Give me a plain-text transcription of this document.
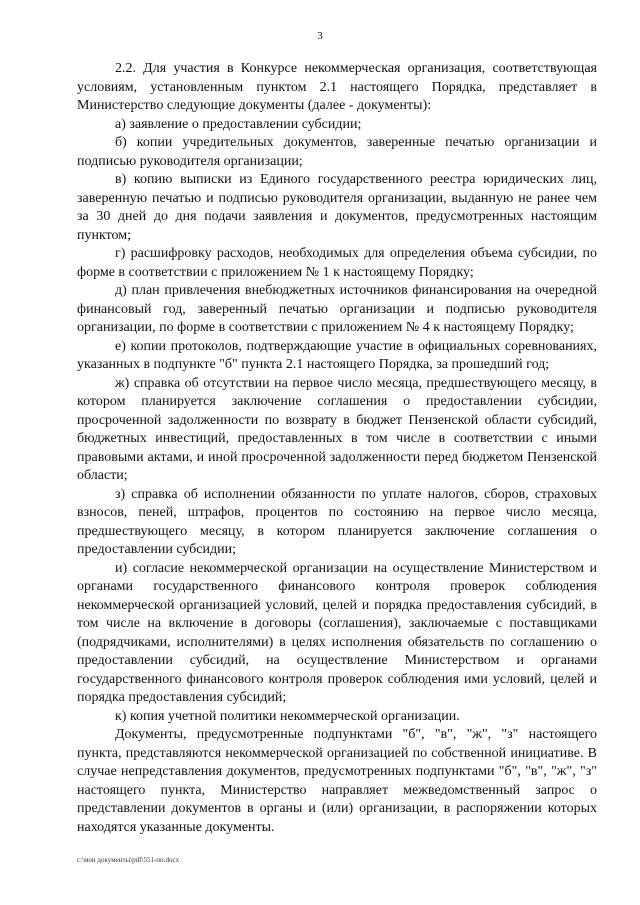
3

2.2. Для участия в Конкурсе некоммерческая организация, соответствующая условиям, установленным пунктом 2.1 настоящего Порядка, представляет в Министерство следующие документы (далее - документы):

а) заявление о предоставлении субсидии;

б) копии учредительных документов, заверенные печатью организации и подписью руководителя организации;

в) копию выписки из Единого государственного реестра юридических лиц, заверенную печатью и подписью руководителя организации, выданную не ранее чем за 30 дней до дня подачи заявления и документов, предусмотренных настоящим пунктом;

г) расшифровку расходов, необходимых для определения объема субсидии, по форме в соответствии с приложением № 1 к настоящему Порядку;

д) план привлечения внебюджетных источников финансирования на очередной финансовый год, заверенный печатью организации и подписью руководителя организации, по форме в соответствии с приложением № 4 к настоящему Порядку;

е) копии протоколов, подтверждающие участие в официальных соревнованиях, указанных в подпункте "б" пункта 2.1 настоящего Порядка, за прошедший год;

ж) справка об отсутствии на первое число месяца, предшествующего месяцу, в котором планируется заключение соглашения о предоставлении субсидии, просроченной задолженности по возврату в бюджет Пензенской области субсидий, бюджетных инвестиций, предоставленных в том числе в соответствии с иными правовыми актами, и иной просроченной задолженности перед бюджетом Пензенской области;

з) справка об исполнении обязанности по уплате налогов, сборов, страховых взносов, пеней, штрафов, процентов по состоянию на первое число месяца, предшествующего месяцу, в котором планируется заключение соглашения о предоставлении субсидии;

и) согласие некоммерческой организации на осуществление Министерством и органами государственного финансового контроля проверок соблюдения некоммерческой организацией условий, целей и порядка предоставления субсидий, в том числе на включение в договоры (соглашения), заключаемые с поставщиками (подрядчиками, исполнителями) в целях исполнения обязательств по соглашению о предоставлении субсидий, на осуществление Министерством и органами государственного финансового контроля проверок соблюдения ими условий, целей и порядка предоставления субсидий;

к) копия учетной политики некоммерческой организации.

Документы, предусмотренные подпунктами "б", "в", "ж", "з" настоящего пункта, представляются некоммерческой организацией по собственной инициативе. В случае непредставления документов, предусмотренных подпунктами "б", "в", "ж", "з" настоящего пункта, Министерство направляет межведомственный запрос о представлении документов в органы и (или) организации, в распоряжении которых находятся указанные документы.

c:\мои документы\pdf\551-пп.docx
